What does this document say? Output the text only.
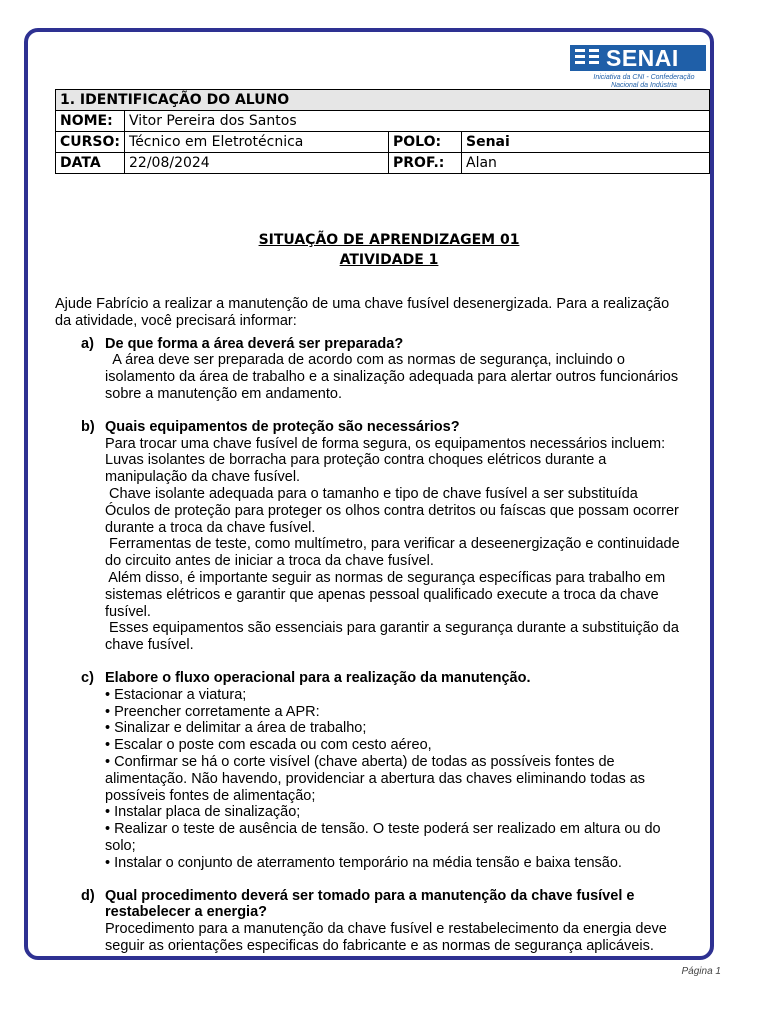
SENAI
Iniciativa da CNI - Confederação
Nacional da Indústria
1. IDENTIFICAÇÃO DO ALUNO			
NOME:	Vitor Pereira dos Santos		
CURSO:	Técnico em Eletrotécnica	POLO:	Senai
DATA	22/08/2024	PROF.:	Alan
SITUAÇÃO DE APRENDIZAGEM 01
ATIVIDADE 1

Ajude Fabrício a realizar a manutenção de uma chave fusível desenergizada. Para a realização
da atividade, você precisará informar:

a) De que forma a área deverá ser preparada?
A área deve ser preparada de acordo com as normas de segurança, incluindo o
isolamento da área de trabalho e a sinalização adequada para alertar outros funcionários
sobre a manutenção em andamento.
b) Quais equipamentos de proteção são necessários?
Para trocar uma chave fusível de forma segura, os equipamentos necessários incluem:
Luvas isolantes de borracha para proteção contra choques elétricos durante a
manipulação da chave fusível.
Chave isolante adequada para o tamanho e tipo de chave fusível a ser substituída
Óculos de proteção para proteger os olhos contra detritos ou faíscas que possam ocorrer
durante a troca da chave fusível.
Ferramentas de teste, como multímetro, para verificar a deseenergização e continuidade
do circuito antes de iniciar a troca da chave fusível.
Além disso, é importante seguir as normas de segurança específicas para trabalho em
sistemas elétricos e garantir que apenas pessoal qualificado execute a troca da chave
fusível.
Esses equipamentos são essenciais para garantir a segurança durante a substituição da
chave fusível.
c) Elabore o fluxo operacional para a realização da manutenção.
• Estacionar a viatura;
• Preencher corretamente a APR:
• Sinalizar e delimitar a área de trabalho;
• Escalar o poste com escada ou com cesto aéreo,
• Confirmar se há o corte visível (chave aberta) de todas as possíveis fontes de
alimentação. Não havendo, providenciar a abertura das chaves eliminando todas as
possíveis fontes de alimentação;
• Instalar placa de sinalização;
• Realizar o teste de ausência de tensão. O teste poderá ser realizado em altura ou do
solo;
• Instalar o conjunto de aterramento temporário na média tensão e baixa tensão.
d) Qual procedimento deverá ser tomado para a manutenção da chave fusível e
restabelecer a energia?
Procedimento para a manutenção da chave fusível e restabelecimento da energia deve
seguir as orientações especificas do fabricante e as normas de segurança aplicáveis.
Página 1
